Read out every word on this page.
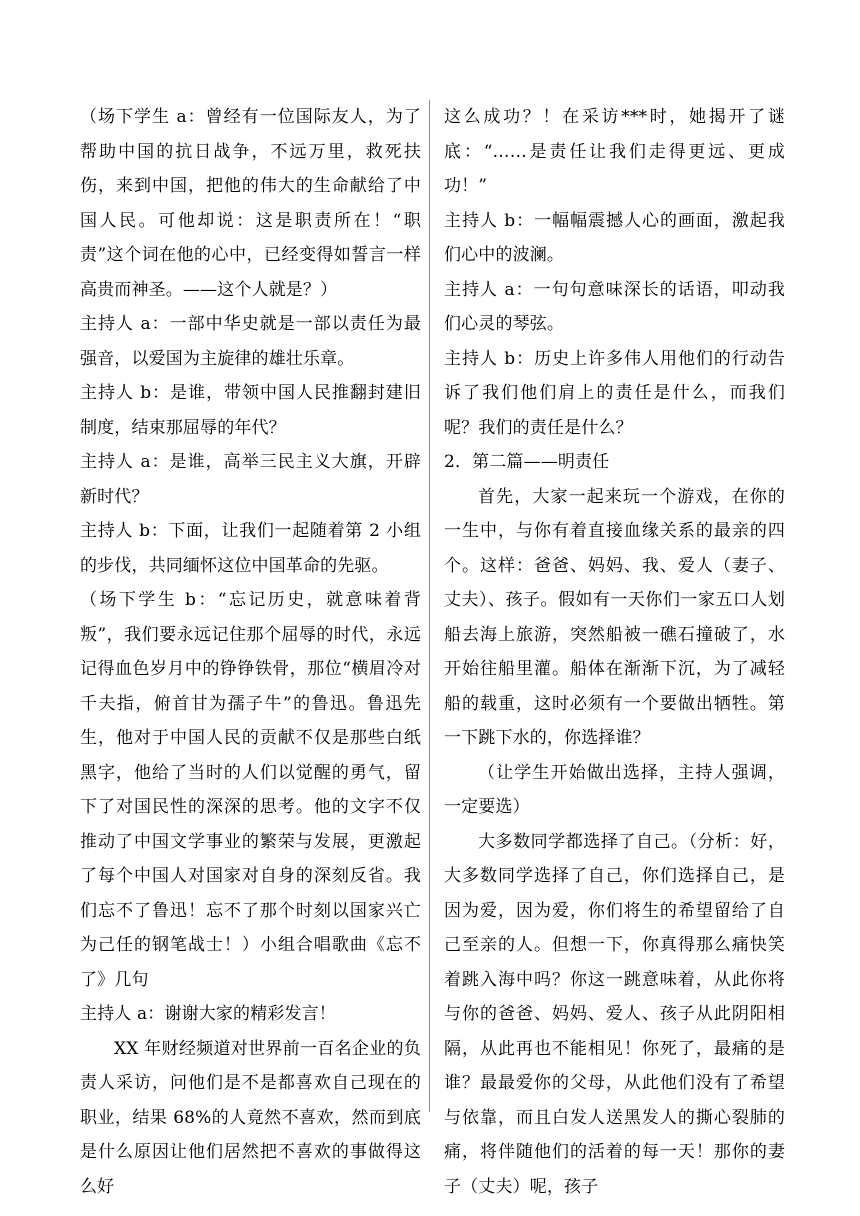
（场下学生 a：曾经有一位国际友人，为了帮助中国的抗日战争，不远万里，救死扶伤，来到中国，把他的伟大的生命献给了中国人民。可他却说：这是职责所在！“职责”这个词在他的心中，已经变得如誓言一样高贵而神圣。——这个人就是？）

主持人 a：一部中华史就是一部以责任为最强音，以爱国为主旋律的雄壮乐章。

主持人 b：是谁，带领中国人民推翻封建旧制度，结束那屈辱的年代？

主持人 a：是谁，高举三民主义大旗，开辟新时代？

主持人 b：下面，让我们一起随着第 2 小组的步伐，共同缅怀这位中国革命的先驱。

（场下学生 b：“忘记历史，就意味着背叛”，我们要永远记住那个屈辱的时代，永远记得血色岁月中的铮铮铁骨，那位“横眉冷对千夫指，俯首甘为孺子牛”的鲁迅。鲁迅先生，他对于中国人民的贡献不仅是那些白纸黑字，他给了当时的人们以觉醒的勇气，留下了对国民性的深深的思考。他的文字不仅推动了中国文学事业的繁荣与发展，更激起了每个中国人对国家对自身的深刻反省。我们忘不了鲁迅！忘不了那个时刻以国家兴亡为己任的钢笔战士！）小组合唱歌曲《忘不了》几句

主持人 a：谢谢大家的精彩发言！

XX 年财经频道对世界前一百名企业的负责人采访，问他们是不是都喜欢自己现在的职业，结果 68%的人竟然不喜欢，然而到底是什么原因让他们居然把不喜欢的事做得这么好

这么成功？！在采访***时，她揭开了谜底：“……是责任让我们走得更远、更成功！”

主持人 b：一幅幅震撼人心的画面，激起我们心中的波澜。

主持人 a：一句句意味深长的话语，叩动我们心灵的琴弦。

主持人 b：历史上许多伟人用他们的行动告诉了我们他们肩上的责任是什么，而我们呢？我们的责任是什么？

2．第二篇——明责任

首先，大家一起来玩一个游戏，在你的一生中，与你有着直接血缘关系的最亲的四个。这样：爸爸、妈妈、我、爱人（妻子、丈夫）、孩子。假如有一天你们一家五口人划船去海上旅游，突然船被一礁石撞破了，水开始往船里灌。船体在渐渐下沉，为了减轻船的载重，这时必须有一个要做出牺牲。第一下跳下水的，你选择谁？

（让学生开始做出选择，主持人强调，一定要选）

大多数同学都选择了自己。（分析：好，大多数同学选择了自己，你们选择自己，是因为爱，因为爱，你们将生的希望留给了自己至亲的人。但想一下，你真得那么痛快笑着跳入海中吗？你这一跳意味着，从此你将与你的爸爸、妈妈、爱人、孩子从此阴阳相隔，从此再也不能相见！你死了，最痛的是谁？最最爱你的父母，从此他们没有了希望与依靠，而且白发人送黑发人的撕心裂肺的痛，将伴随他们的活着的每一天！那你的妻子（丈夫）呢，孩子
